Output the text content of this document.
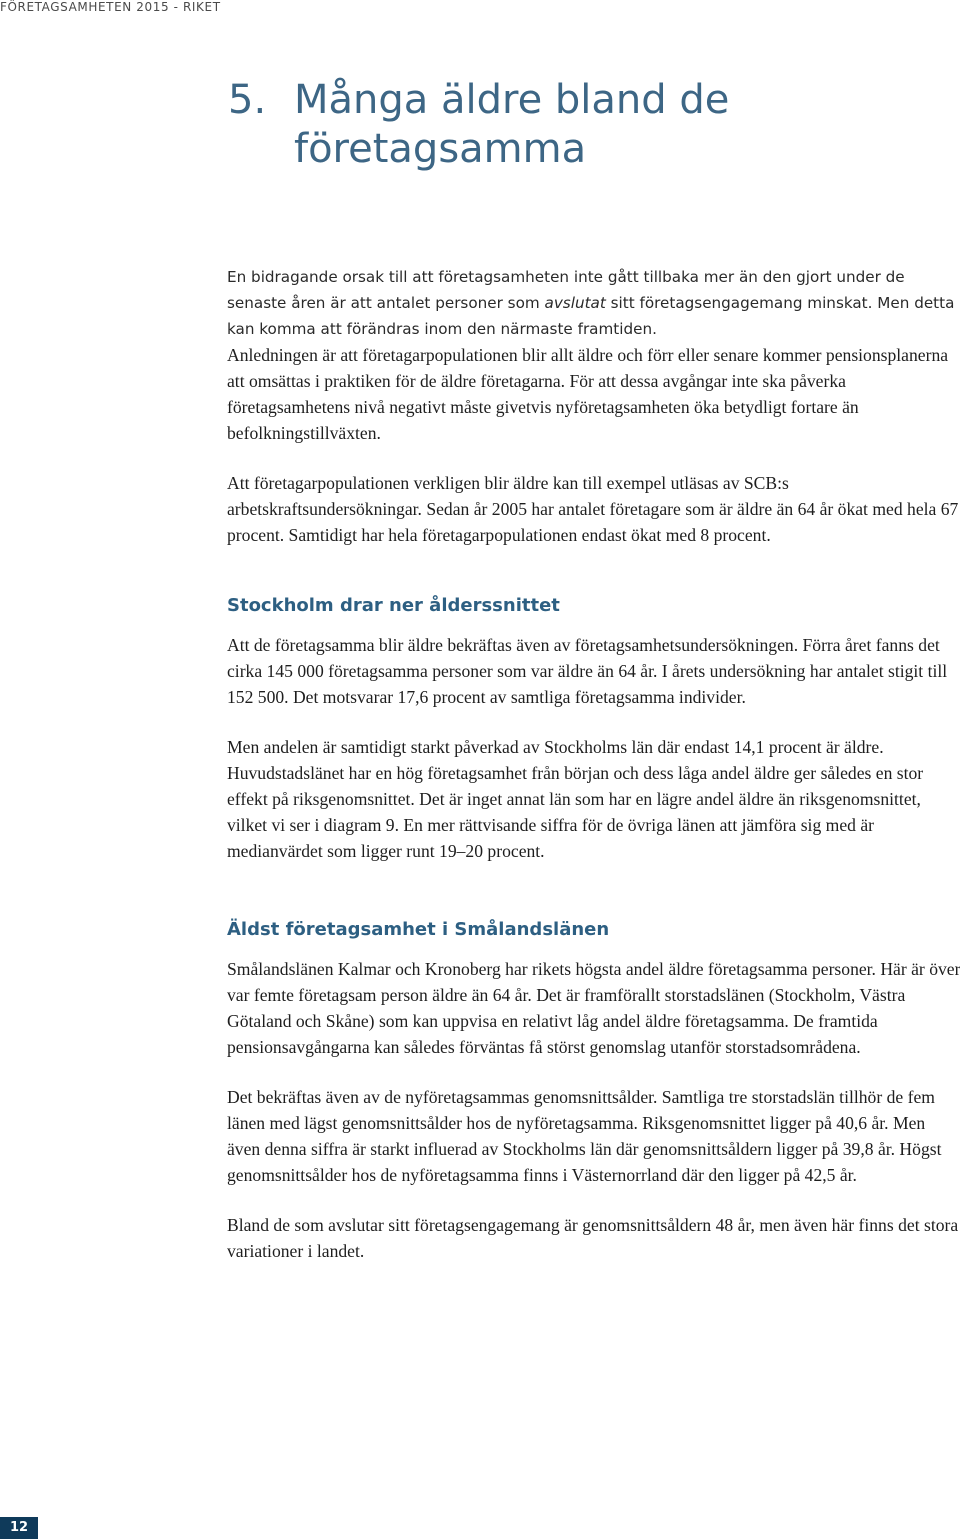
FÖRETAGSAMHETEN 2015 - RIKET
5. Många äldre bland de företagsamma

En bidragande orsak till att företagsamheten inte gått tillbaka mer än den gjort under de senaste åren är att antalet personer som avslutat sitt företagsengagemang minskat. Men detta kan komma att förändras inom den närmaste framtiden.

Anledningen är att företagarpopulationen blir allt äldre och förr eller senare kommer pensionsplanerna att omsättas i praktiken för de äldre företagarna. För att dessa avgångar inte ska påverka företagsamhetens nivå negativt måste givetvis nyföretagsamheten öka betydligt fortare än befolkningstillväxten.

Att företagarpopulationen verkligen blir äldre kan till exempel utläsas av SCB:s arbetskraftsundersökningar. Sedan år 2005 har antalet företagare som är äldre än 64 år ökat med hela 67 procent. Samtidigt har hela företagarpopulationen endast ökat med 8 procent.

Stockholm drar ner ålderssnittet

Att de företagsamma blir äldre bekräftas även av företagsamhetsundersökningen. Förra året fanns det cirka 145 000 företagsamma personer som var äldre än 64 år. I årets undersökning har antalet stigit till 152 500. Det motsvarar 17,6 procent av samtliga företagsamma individer.

Men andelen är samtidigt starkt påverkad av Stockholms län där endast 14,1 procent är äldre. Huvudstadslänet har en hög företagsamhet från början och dess låga andel äldre ger således en stor effekt på riksgenomsnittet. Det är inget annat län som har en lägre andel äldre än riksgenomsnittet, vilket vi ser i diagram 9. En mer rättvisande siffra för de övriga länen att jämföra sig med är medianvärdet som ligger runt 19–20 procent.

Äldst företagsamhet i Smålandslänen

Smålandslänen Kalmar och Kronoberg har rikets högsta andel äldre företagsamma personer. Här är över var femte företagsam person äldre än 64 år. Det är framförallt storstadslänen (Stockholm, Västra Götaland och Skåne) som kan uppvisa en relativt låg andel äldre företagsamma. De framtida pensionsavgångarna kan således förväntas få störst genomslag utanför storstadsområdena.

Det bekräftas även av de nyföretagsammas genomsnittsålder. Samtliga tre storstadslän tillhör de fem länen med lägst genomsnittsålder hos de nyföretagsamma. Riksgenomsnittet ligger på 40,6 år. Men även denna siffra är starkt influerad av Stockholms län där genomsnittsåldern ligger på 39,8 år. Högst genomsnittsålder hos de nyföretagsamma finns i Västernorrland där den ligger på 42,5 år.

Bland de som avslutar sitt företagsengagemang är genomsnittsåldern 48 år, men även här finns det stora variationer i landet.

12
